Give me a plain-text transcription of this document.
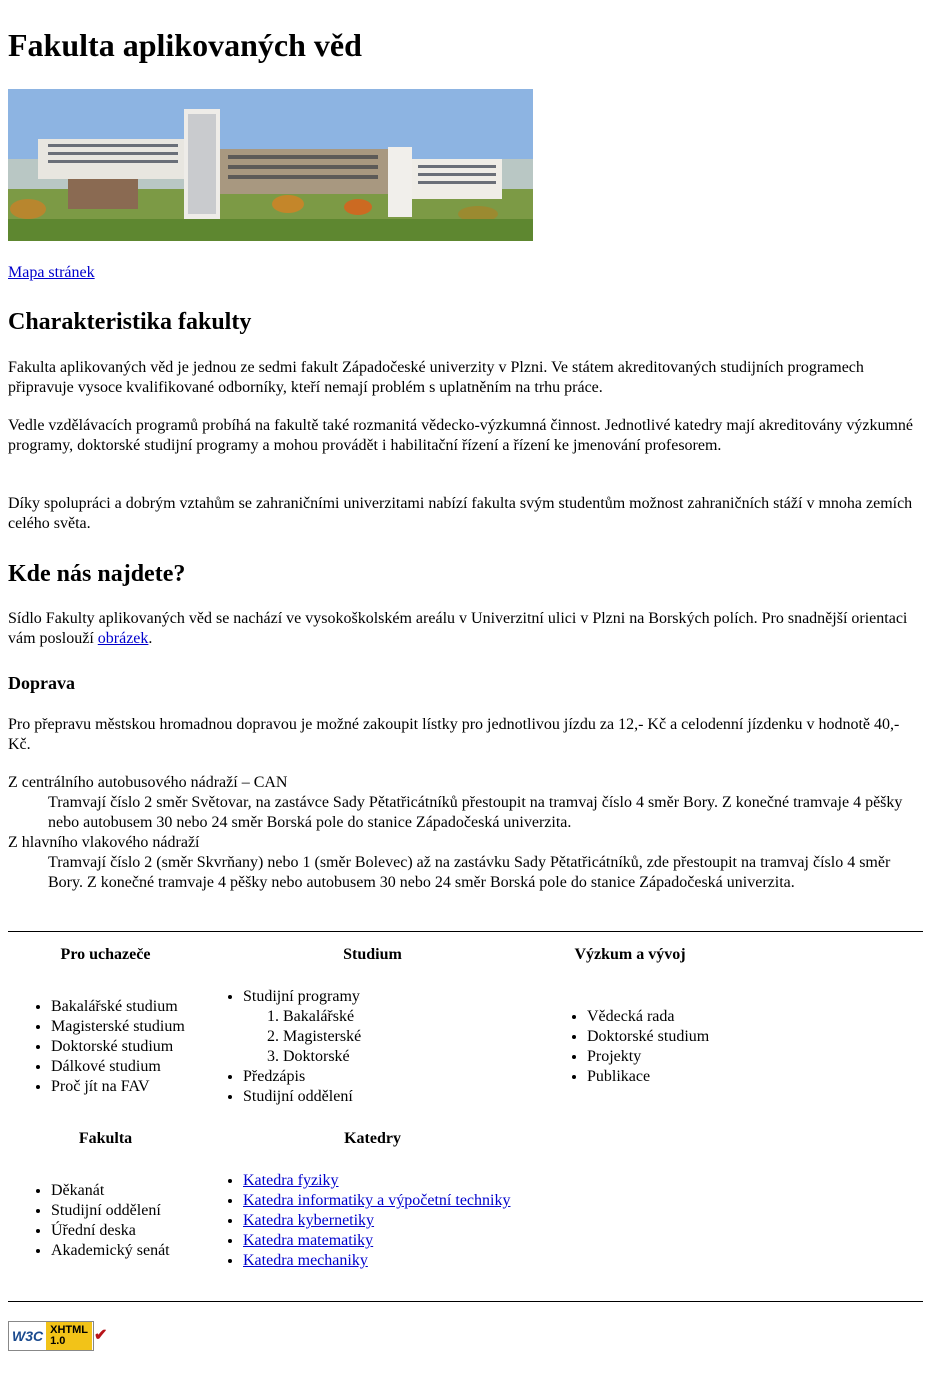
Fakulta aplikovaných věd
Mapa stránek
Charakteristika fakulty

Fakulta aplikovaných věd je jednou ze sedmi fakult Západočeské univerzity v Plzni. Ve státem akreditovaných studijních programech připravuje vysoce kvalifikované odborníky, kteří nemají problém s uplatněním na trhu práce.

Vedle vzdělávacích programů probíhá na fakultě také rozmanitá vědecko-výzkumná činnost. Jednotlivé katedry mají akreditovány výzkumné programy, doktorské studijní programy a mohou provádět i habilitační řízení a řízení ke jmenování profesorem.

Díky spolupráci a dobrým vztahům se zahraničními univerzitami nabízí fakulta svým studentům možnost zahraničních stáží v mnoha zemích celého světa.

Kde nás najdete?

Sídlo Fakulty aplikovaných věd se nachází ve vysokoškolském areálu v Univerzitní ulici v Plzni na Borských polích. Pro snadnější orientaci vám poslouží obrázek.

Doprava

Pro přepravu městskou hromadnou dopravou je možné zakoupit lístky pro jednotlivou jízdu za 12,- Kč a celodenní jízdenku v hodnotě 40,- Kč.

Z centrálního autobusového nádraží – CAN
Tramvají číslo 2 směr Světovar, na zastávce Sady Pětatřicátníků přestoupit na tramvaj číslo 4 směr Bory. Z konečné tramvaje 4 pěšky nebo autobusem 30 nebo 24 směr Borská pole do stanice Západočeská univerzita.
Z hlavního vlakového nádraží
Tramvají číslo 2 (směr Skvrňany) nebo 1 (směr Bolevec) až na zastávku Sady Pětatřicátníků, zde přestoupit na tramvaj číslo 4 směr Bory. Z konečné tramvaje 4 pěšky nebo autobusem 30 nebo 24 směr Borská pole do stanice Západočeská univerzita.
Pro uchazeče
• Bakalářské studium
• Magisterské studium
• Doktorské studium
• Dálkové studium
• Proč jít na FAV
Studium
• Studijní programy
1. Bakalářské
2. Magisterské
3. Doktorské
• Předzápis
• Studijní oddělení
Výzkum a vývoj
• Vědecká rada
• Doktorské studium
• Projekty
• Publikace
Fakulta
• Děkanát
• Studijní oddělení
• Úřední deska
• Akademický senát
Katedry
• Katedra fyziky
• Katedra informatiky a výpočetní techniky
• Katedra kybernetiky
• Katedra matematiky
• Katedra mechaniky
W3C XHTML
1.0	✔
